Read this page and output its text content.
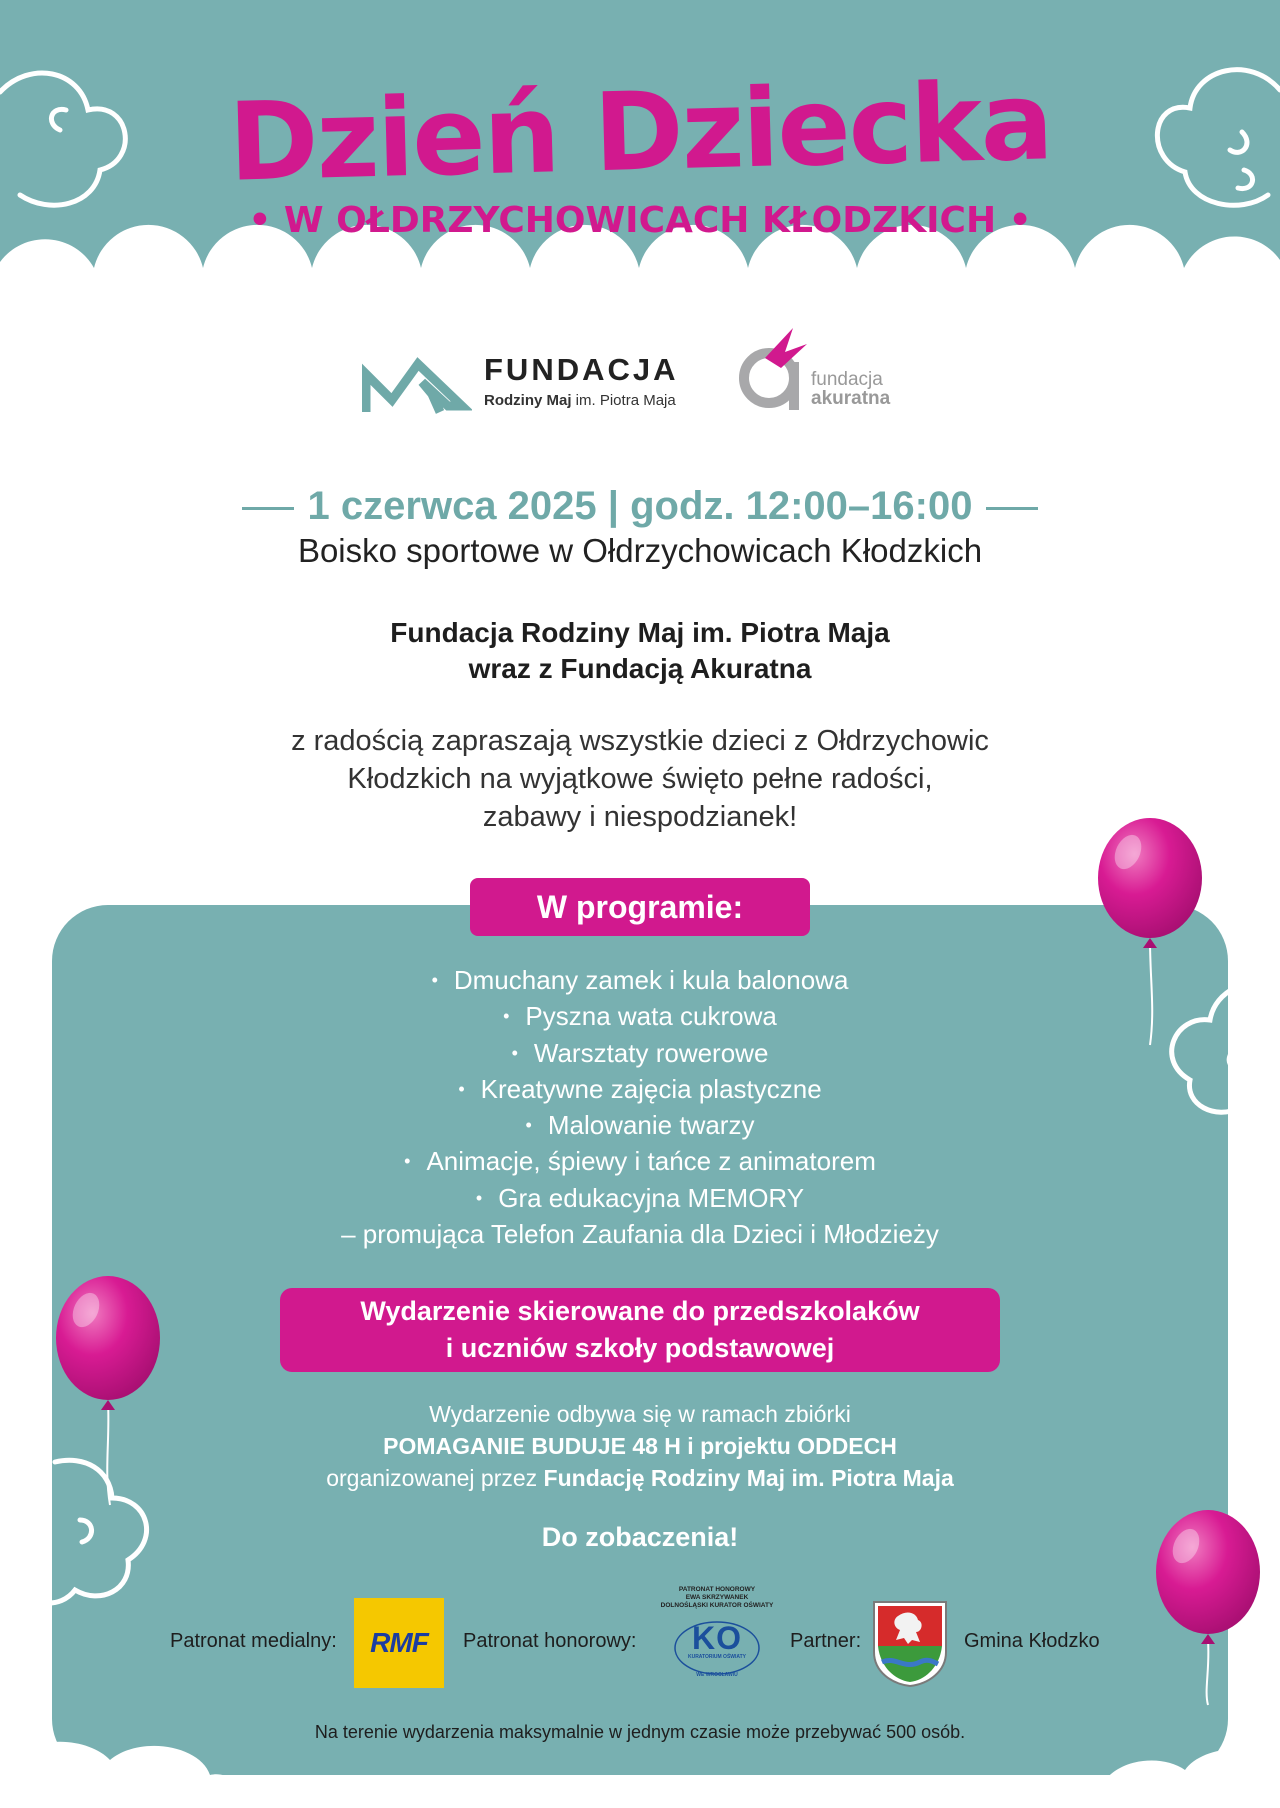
Dzień Dziecka
• W OŁDRZYCHOWICACH KŁODZKICH •
FUNDACJA
Rodziny Maj im. Piotra Maja
fundacja
akuratna
1 czerwca 2025 | godz. 12:00–16:00
Boisko sportowe w Ołdrzychowicach Kłodzkich
Fundacja Rodziny Maj im. Piotra Maja
wraz z Fundacją Akuratna
z radością zapraszają wszystkie dzieci z Ołdrzychowic
Kłodzkich na wyjątkowe święto pełne radości,
zabawy i niespodzianek!
W programie:
• Dmuchany zamek i kula balonowa
• Pyszna wata cukrowa
• Warsztaty rowerowe
• Kreatywne zajęcia plastyczne
• Malowanie twarzy
• Animacje, śpiewy i tańce z animatorem
• Gra edukacyjna MEMORY
– promująca Telefon Zaufania dla Dzieci i Młodzieży
Wydarzenie skierowane do przedszkolaków
i uczniów szkoły podstawowej
Wydarzenie odbywa się w ramach zbiórki
POMAGANIE BUDUJE 48 H i projektu ODDECH
organizowanej przez Fundację Rodziny Maj im. Piotra Maja
Do zobaczenia!
Patronat medialny:	RMF	Patronat honorowy:
PATRONAT HONOROWY
EWA SKRZYWANEK
DOLNOŚLĄSKI KURATOR OŚWIATY
KO
KURATORIUM OŚWIATY
WE WROCŁAWIU
Partner:	Gmina Kłodzko
Na terenie wydarzenia maksymalnie w jednym czasie może przebywać 500 osób.
